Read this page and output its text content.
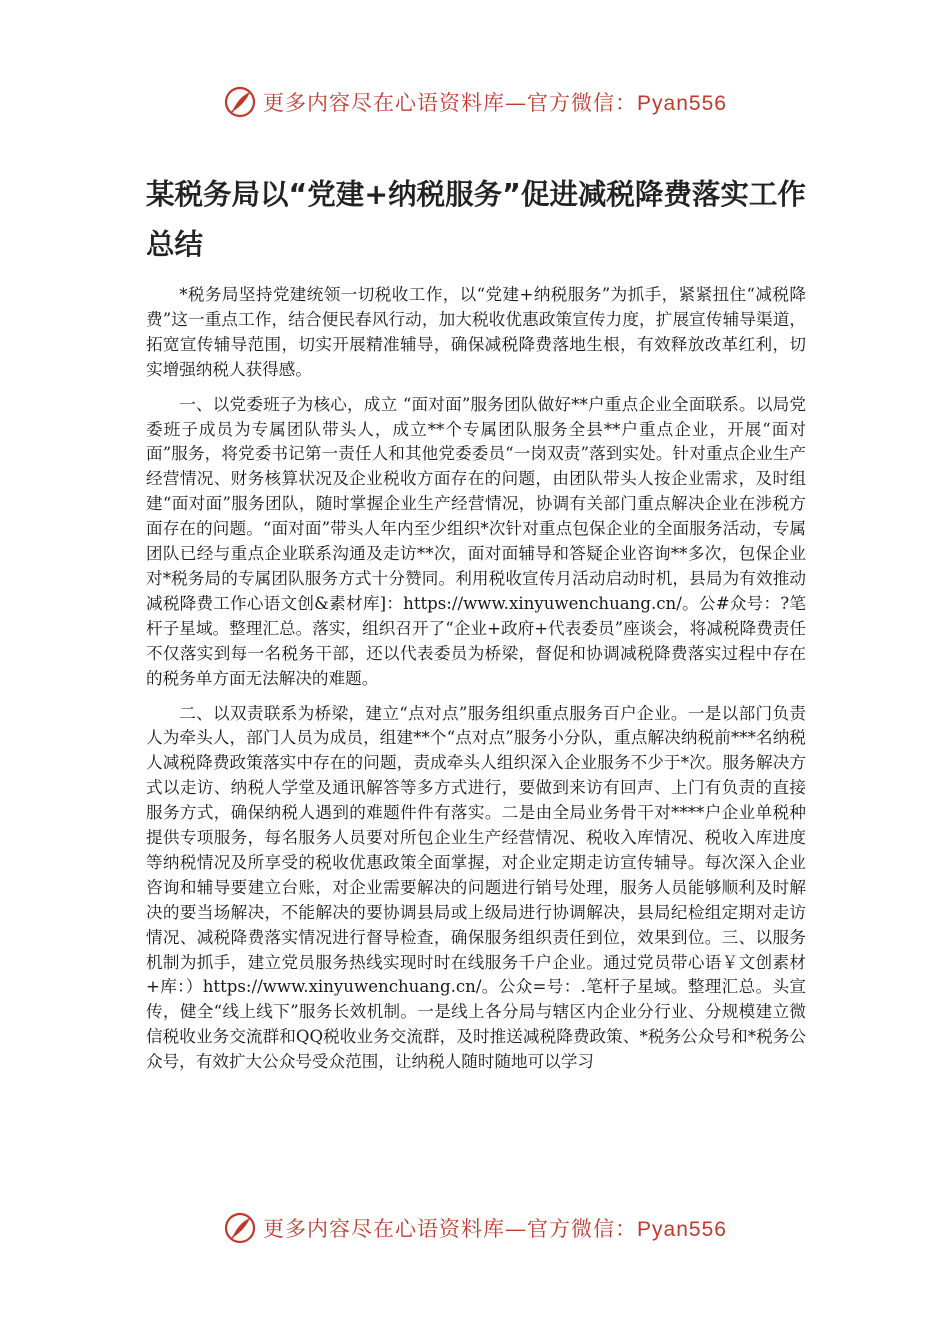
更多内容尽在心语资料库—官方微信：Pyan556
某税务局以“党建+纳税服务”促进减税降费落实工作总结

*税务局坚持党建统领一切税收工作，以“党建+纳税服务”为抓手，紧紧扭住“减税降费”这一重点工作，结合便民春风行动，加大税收优惠政策宣传力度，扩展宣传辅导渠道，拓宽宣传辅导范围，切实开展精准辅导，确保减税降费落地生根，有效释放改革红利，切实增强纳税人获得感。

一、以党委班子为核心，成立 “面对面”服务团队做好**户重点企业全面联系。以局党委班子成员为专属团队带头人，成立**个专属团队服务全县**户重点企业，开展“面对面”服务，将党委书记第一责任人和其他党委委员“一岗双责”落到实处。针对重点企业生产经营情况、财务核算状况及企业税收方面存在的问题，由团队带头人按企业需求，及时组建“面对面”服务团队，随时掌握企业生产经营情况，协调有关部门重点解决企业在涉税方面存在的问题。“面对面”带头人年内至少组织*次针对重点包保企业的全面服务活动，专属团队已经与重点企业联系沟通及走访**次，面对面辅导和答疑企业咨询**多次，包保企业对*税务局的专属团队服务方式十分赞同。利用税收宣传月活动启动时机，县局为有效推动减税降费工作心语文创&素材库]：https://www.xinyuwenchuang.cn/。公#众号：?笔杆子星域。整理汇总。落实，组织召开了“企业+政府+代表委员”座谈会，将减税降费责任不仅落实到每一名税务干部，还以代表委员为桥梁，督促和协调减税降费落实过程中存在的税务单方面无法解决的难题。

二、以双责联系为桥梁，建立“点对点”服务组织重点服务百户企业。一是以部门负责人为牵头人，部门人员为成员，组建**个“点对点”服务小分队，重点解决纳税前***名纳税人减税降费政策落实中存在的问题，责成牵头人组织深入企业服务不少于*次。服务解决方式以走访、纳税人学堂及通讯解答等多方式进行，要做到来访有回声、上门有负责的直接服务方式，确保纳税人遇到的难题件件有落实。二是由全局业务骨干对****户企业单税种提供专项服务，每名服务人员要对所包企业生产经营情况、税收入库情况、税收入库进度等纳税情况及所享受的税收优惠政策全面掌握，对企业定期走访宣传辅导。每次深入企业咨询和辅导要建立台账，对企业需要解决的问题进行销号处理，服务人员能够顺利及时解决的要当场解决，不能解决的要协调县局或上级局进行协调解决，县局纪检组定期对走访情况、减税降费落实情况进行督导检查，确保服务组织责任到位，效果到位。三、以服务机制为抓手，建立党员服务热线实现时时在线服务千户企业。通过党员带心语￥文创素材+库：）https://www.xinyuwenchuang.cn/。公众=号：.笔杆子星域。整理汇总。头宣传，健全“线上线下”服务长效机制。一是线上各分局与辖区内企业分行业、分规模建立微信税收业务交流群和QQ税收业务交流群，及时推送减税降费政策、*税务公众号和*税务公众号，有效扩大公众号受众范围，让纳税人随时随地可以学习

更多内容尽在心语资料库—官方微信：Pyan556
